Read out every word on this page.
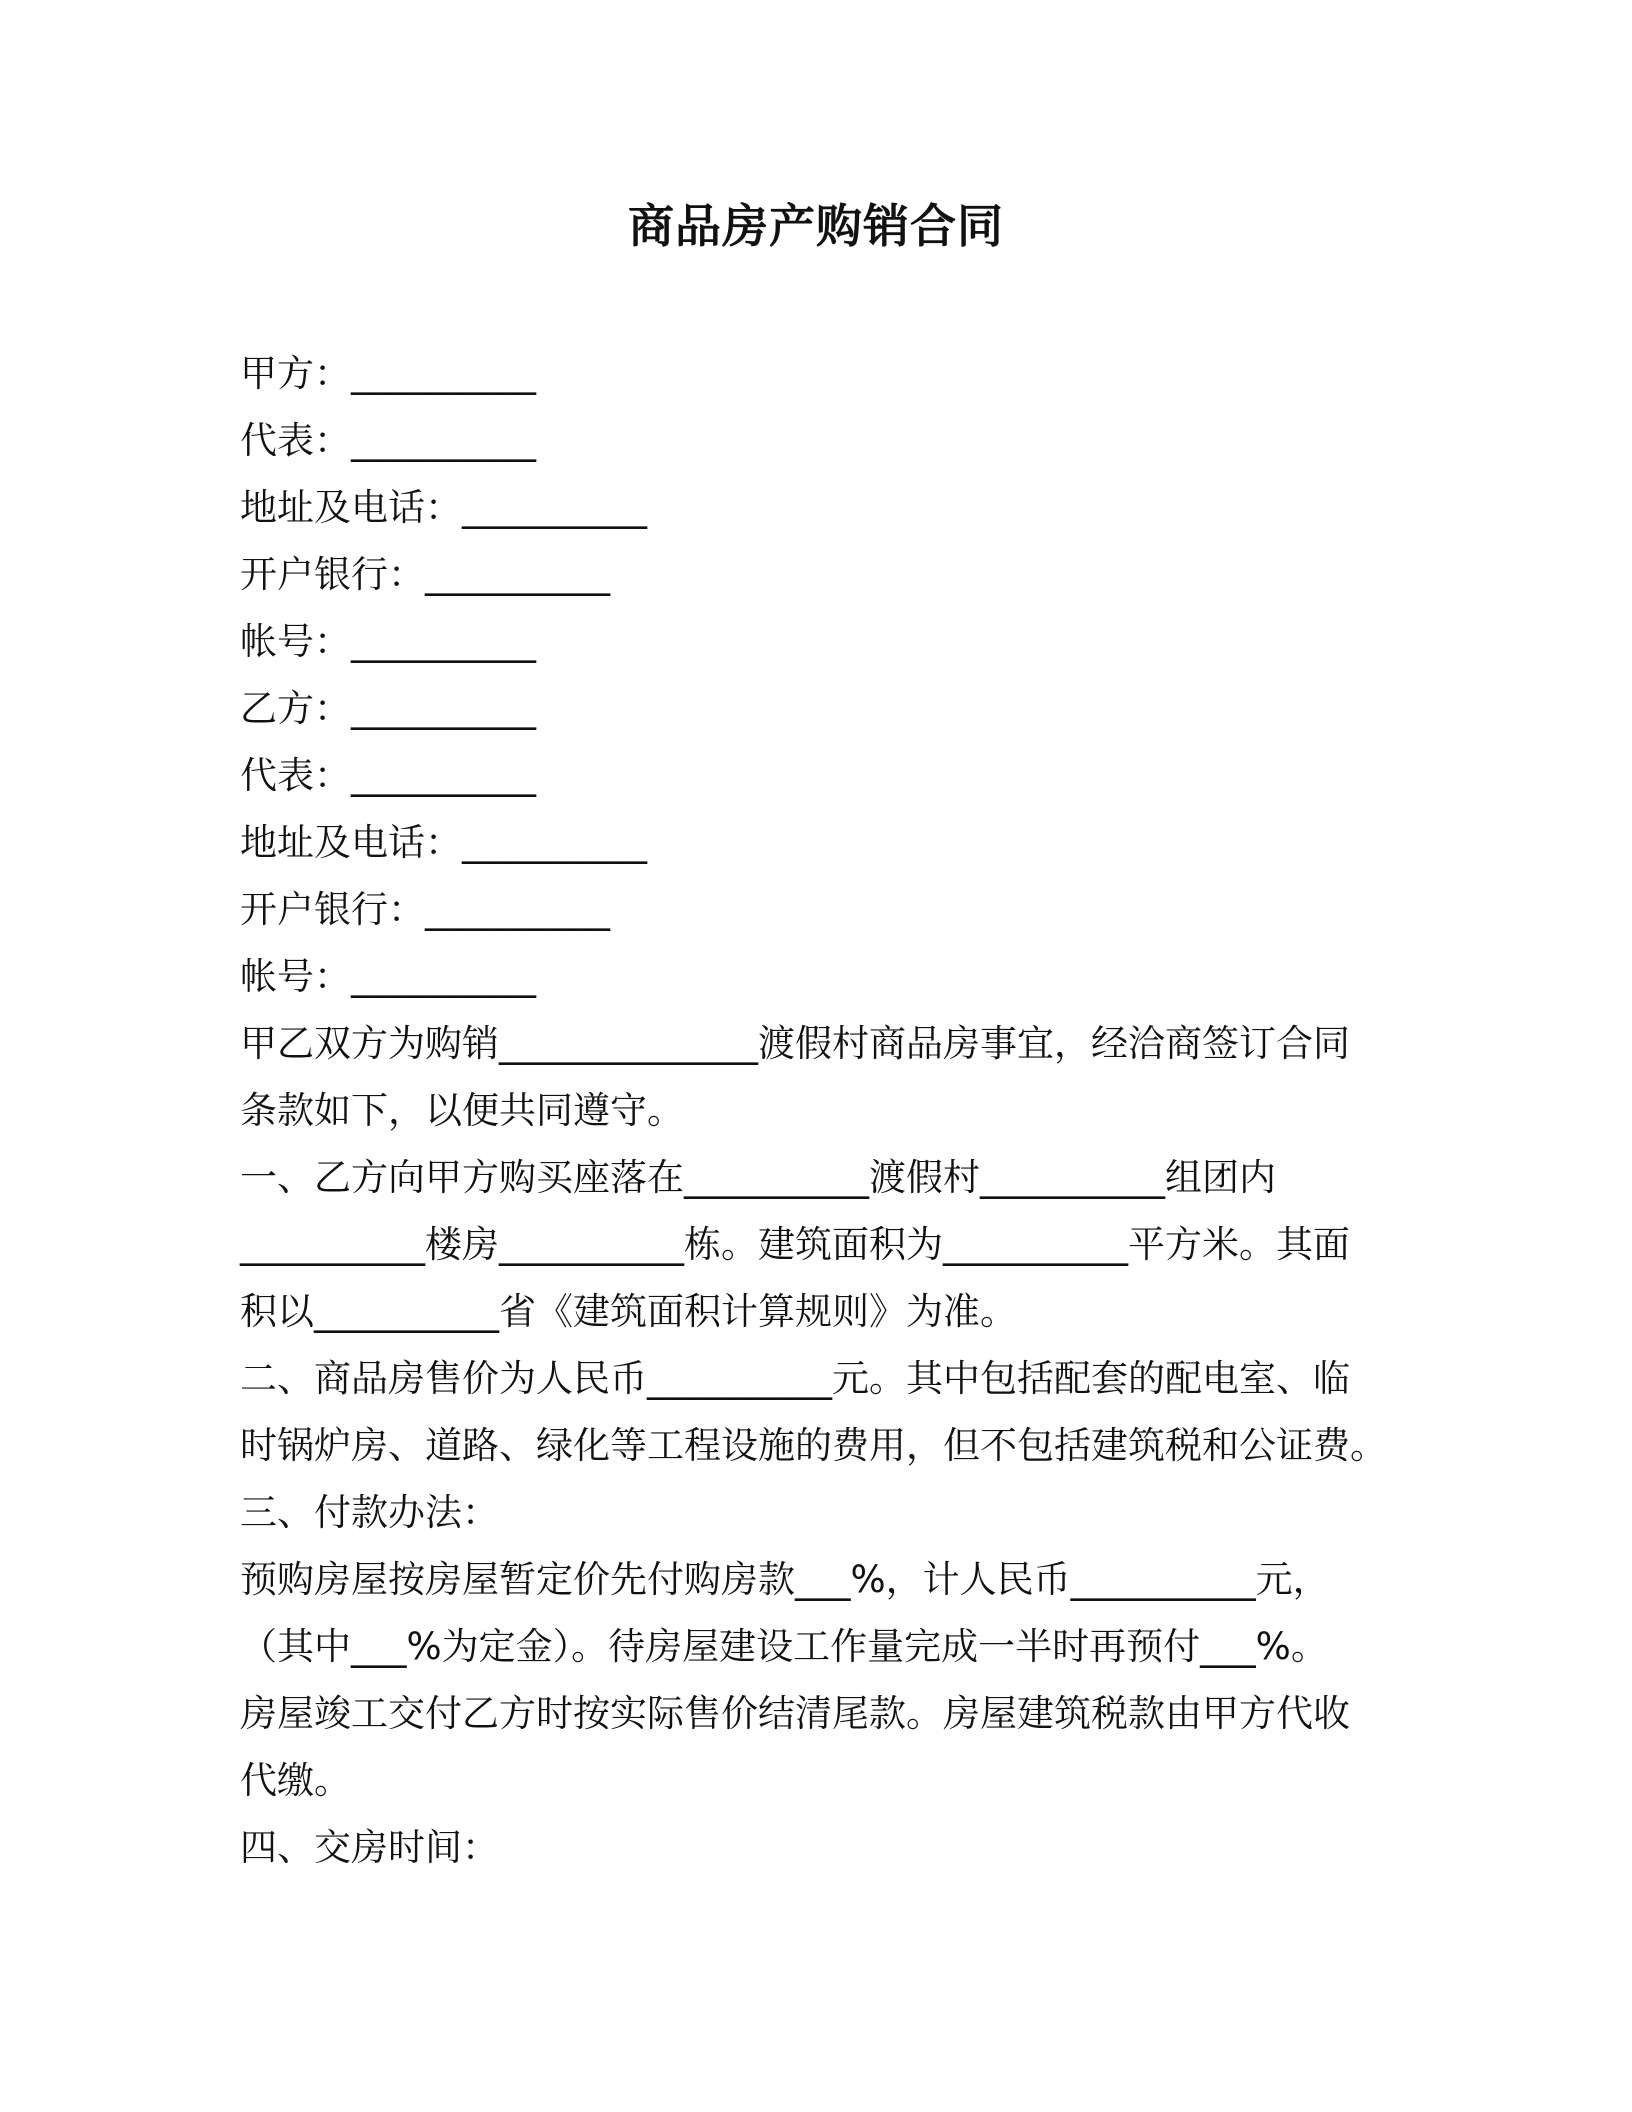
商品房产购销合同
甲方：__________
代表：__________
地址及电话：__________
开户银行：__________
帐号：__________
乙方：__________
代表：__________
地址及电话：__________
开户银行：__________
帐号：__________
甲乙双方为购销______________渡假村商品房事宜，经洽商签订合同
条款如下，以便共同遵守。
一、乙方向甲方购买座落在__________渡假村__________组团内
__________楼房__________栋。建筑面积为__________平方米。其面
积以__________省《建筑面积计算规则》为准。
二、商品房售价为人民币__________元。其中包括配套的配电室、临
时锅炉房、道路、绿化等工程设施的费用，但不包括建筑税和公证费。
三、付款办法：
预购房屋按房屋暂定价先付购房款___%，计人民币__________元，
（其中___%为定金）。待房屋建设工作量完成一半时再预付___%。
房屋竣工交付乙方时按实际售价结清尾款。房屋建筑税款由甲方代收
代缴。
四、交房时间：
